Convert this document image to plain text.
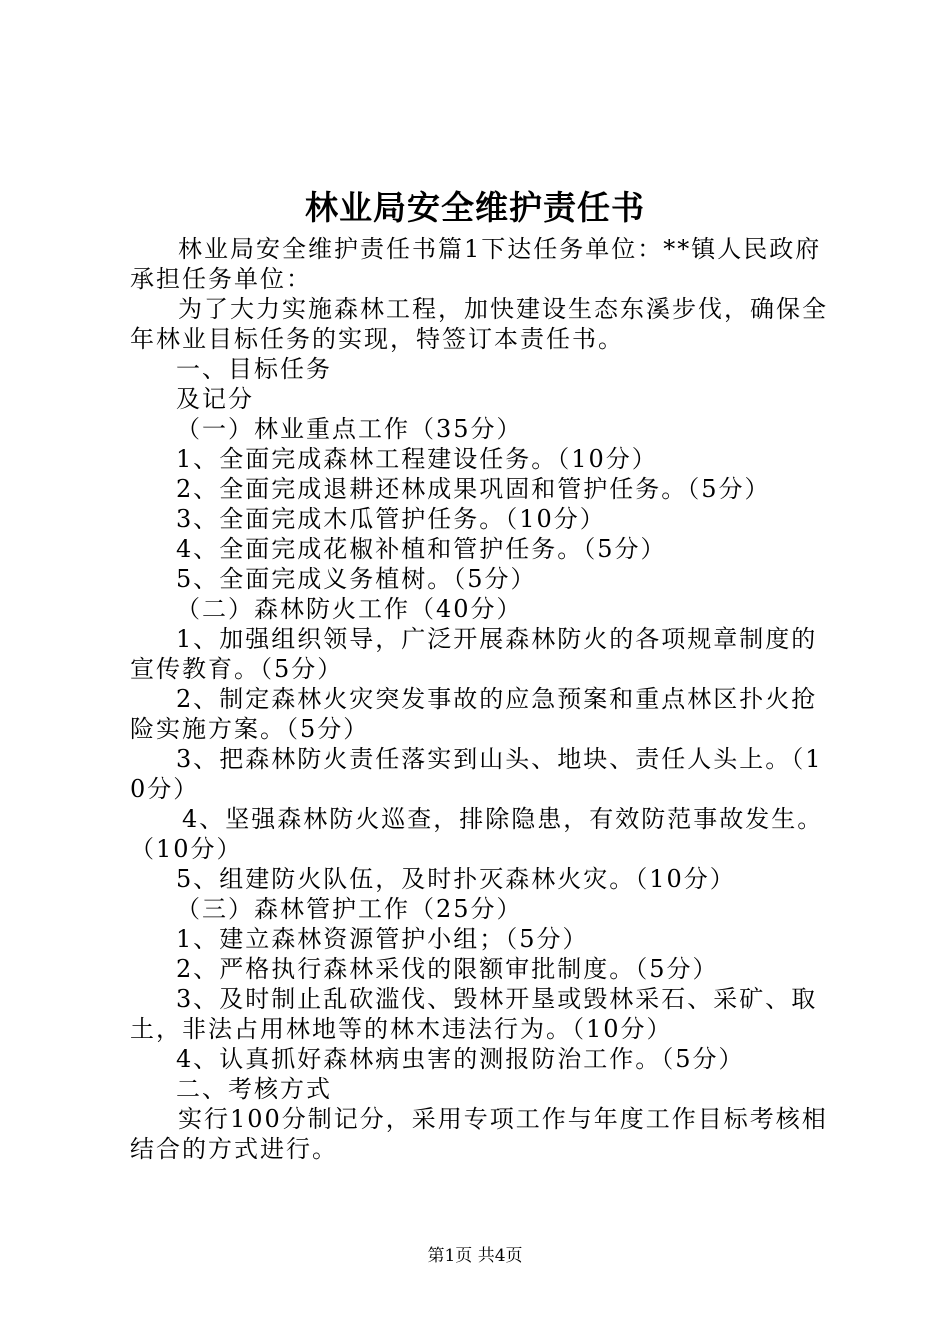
林业局安全维护责任书

林业局安全维护责任书篇1下达任务单位：**镇人民政府承担任务单位：

为了大力实施森林工程，加快建设生态东溪步伐，确保全年林业目标任务的实现，特签订本责任书。

一、目标任务

及记分

（一）林业重点工作（35分）

1、全面完成森林工程建设任务。（10分）

2、全面完成退耕还林成果巩固和管护任务。（5分）

3、全面完成木瓜管护任务。（10分）

4、全面完成花椒补植和管护任务。（5分）

5、全面完成义务植树。（5分）

（二）森林防火工作（40分）

1、加强组织领导，广泛开展森林防火的各项规章制度的宣传教育。（5分）

2、制定森林火灾突发事故的应急预案和重点林区扑火抢险实施方案。（5分）

3、把森林防火责任落实到山头、地块、责任人头上。（10分）

4、坚强森林防火巡查，排除隐患，有效防范事故发生。（10分）

5、组建防火队伍，及时扑灭森林火灾。（10分）

（三）森林管护工作（25分）

1、建立森林资源管护小组；（5分）

2、严格执行森林采伐的限额审批制度。（5分）

3、及时制止乱砍滥伐、毁林开垦或毁林采石、采矿、取土，非法占用林地等的林木违法行为。（10分）

4、认真抓好森林病虫害的测报防治工作。（5分）

二、考核方式

实行100分制记分，采用专项工作与年度工作目标考核相结合的方式进行。

第1页 共4页
